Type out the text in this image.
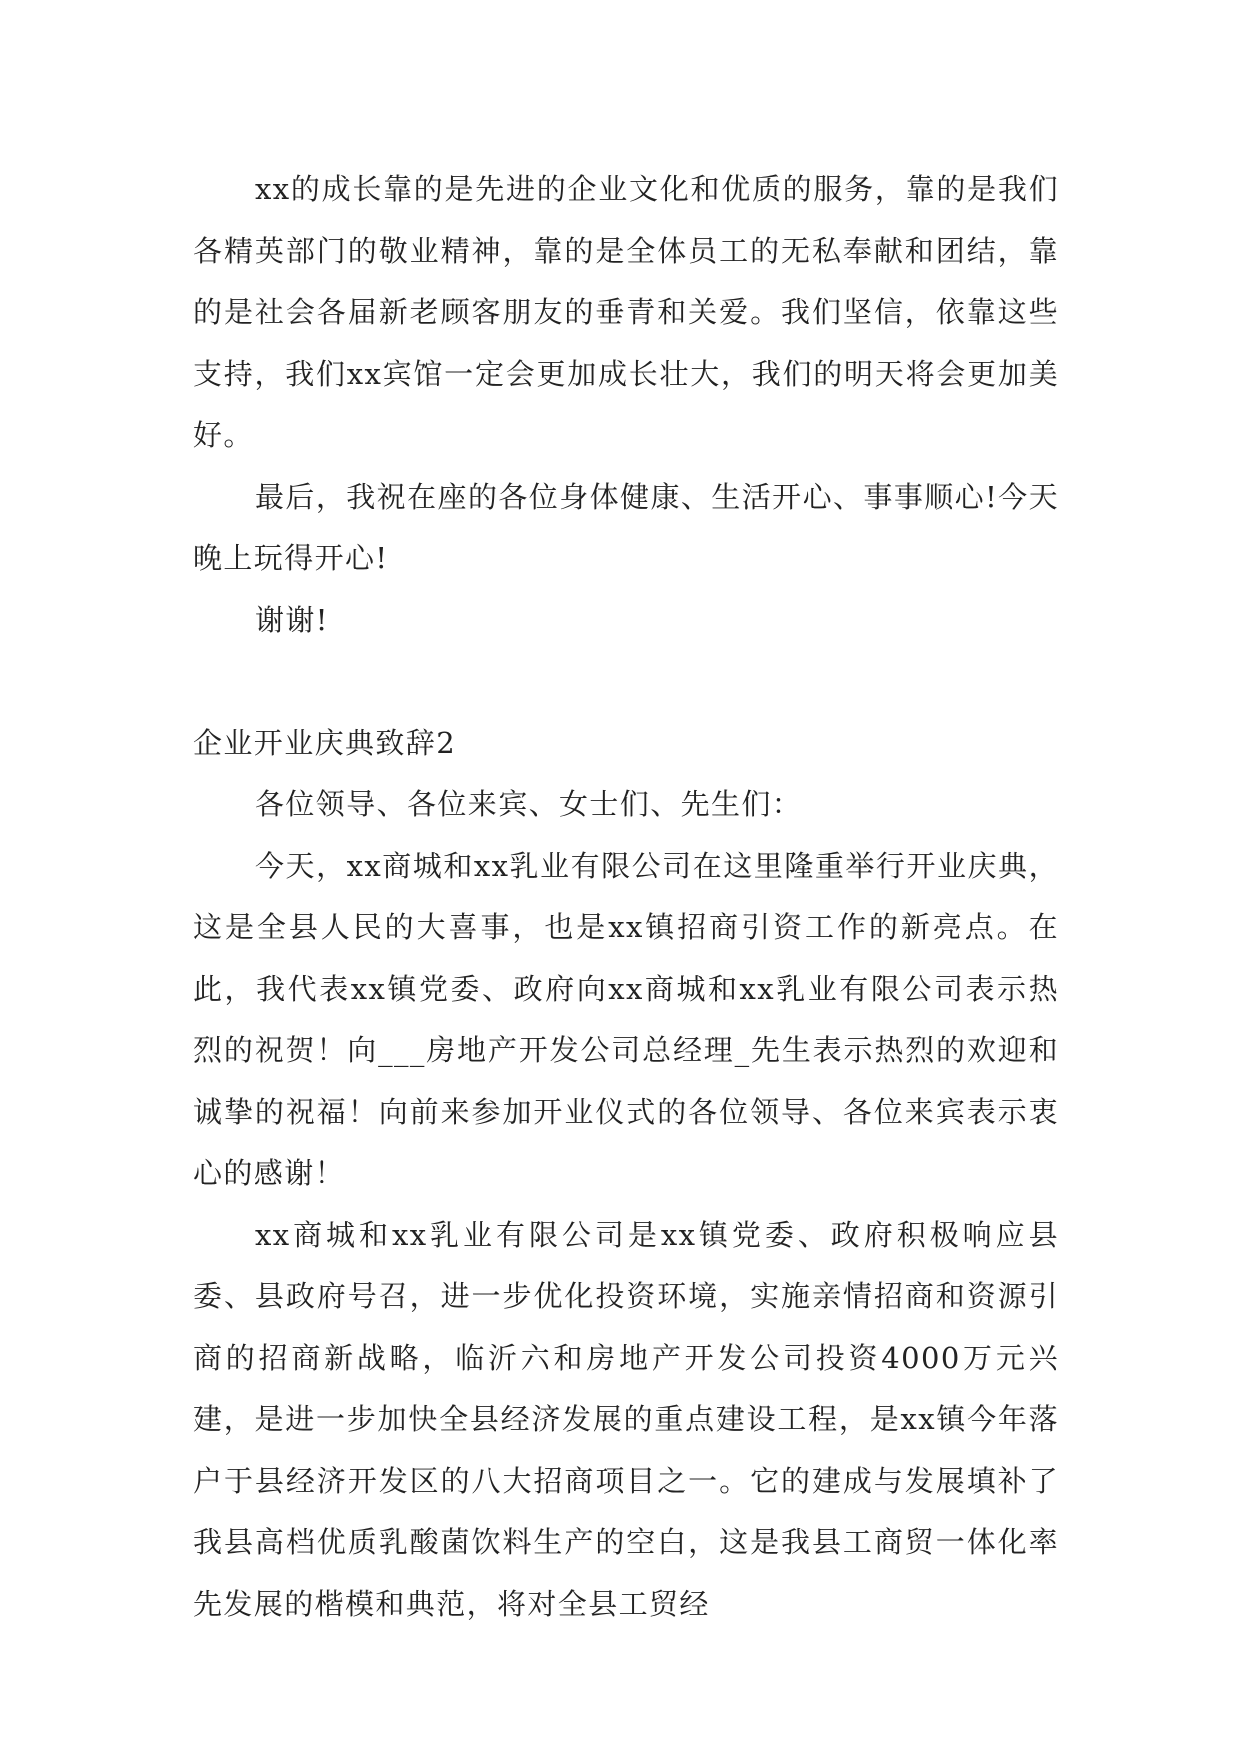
xx的成长靠的是先进的企业文化和优质的服务，靠的是我们各精英部门的敬业精神，靠的是全体员工的无私奉献和团结，靠的是社会各届新老顾客朋友的垂青和关爱。我们坚信，依靠这些支持，我们xx宾馆一定会更加成长壮大，我们的明天将会更加美好。

最后，我祝在座的各位身体健康、生活开心、事事顺心!今天晚上玩得开心!

谢谢!

企业开业庆典致辞2

各位领导、各位来宾、女士们、先生们：

今天，xx商城和xx乳业有限公司在这里隆重举行开业庆典，这是全县人民的大喜事，也是xx镇招商引资工作的新亮点。在此，我代表xx镇党委、政府向xx商城和xx乳业有限公司表示热烈的祝贺！向___房地产开发公司总经理_先生表示热烈的欢迎和诚挚的祝福！向前来参加开业仪式的各位领导、各位来宾表示衷心的感谢！

xx商城和xx乳业有限公司是xx镇党委、政府积极响应县委、县政府号召，进一步优化投资环境，实施亲情招商和资源引商的招商新战略，临沂六和房地产开发公司投资4000万元兴建，是进一步加快全县经济发展的重点建设工程，是xx镇今年落户于县经济开发区的八大招商项目之一。它的建成与发展填补了我县高档优质乳酸菌饮料生产的空白，这是我县工商贸一体化率先发展的楷模和典范，将对全县工贸经
